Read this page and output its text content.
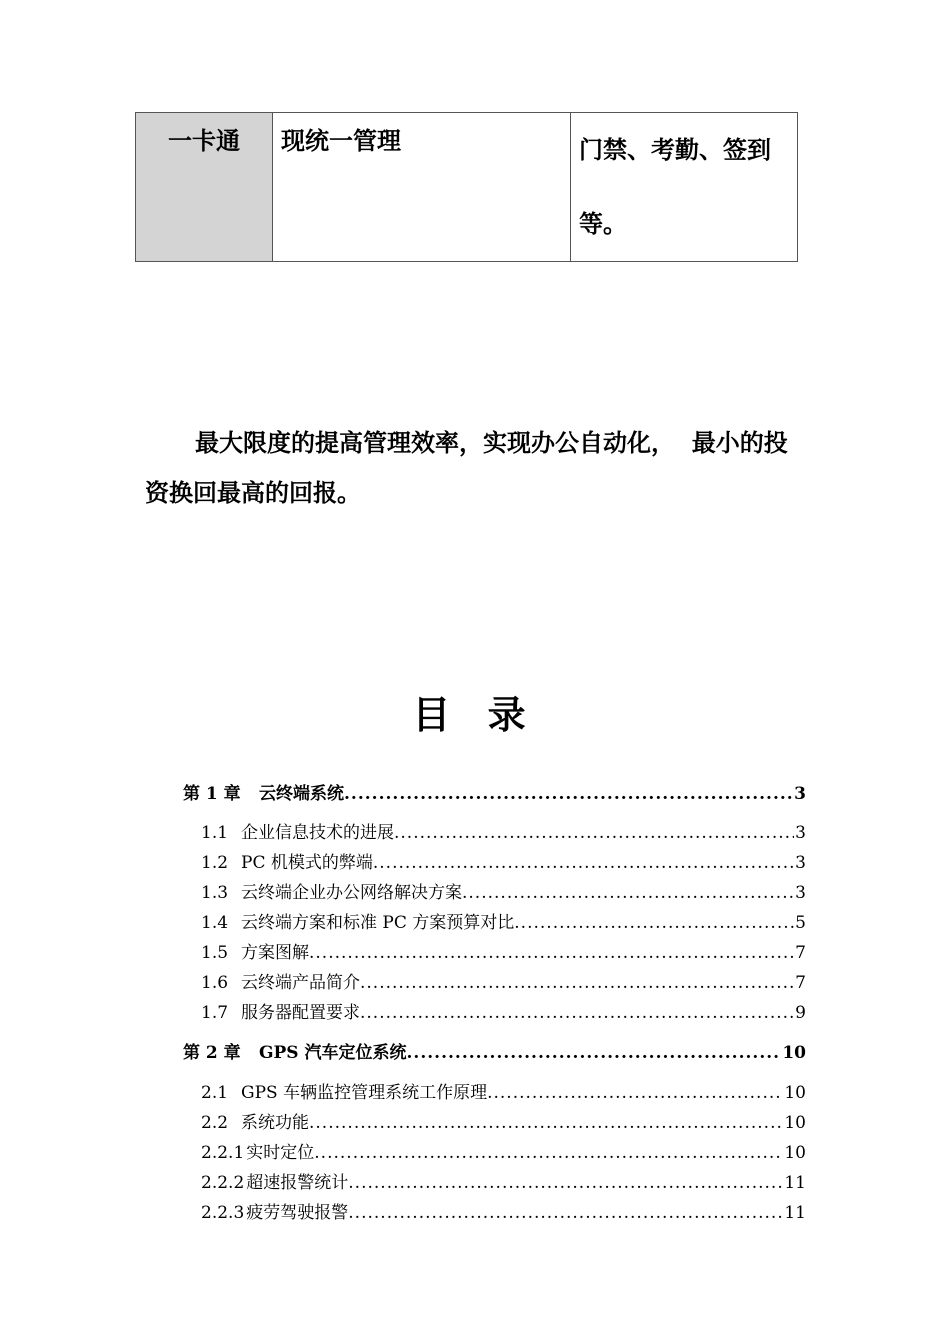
一卡通	现统一管理	门禁、考勤、签到等。

最大限度的提高管理效率，实现办公自动化，  最小的投资换回最高的回报。

目 录
第 1 章	云终端系统 .....	3
1.1 企业信息技术的进展 .....	3
1.2 PC 机模式的弊端 .....	3
1.3 云终端企业办公网络解决方案 .....	3
1.4 云终端方案和标准 PC 方案预算对比 .....	5
1.5 方案图解 .....	7
1.6 云终端产品简介 .....	7
1.7 服务器配置要求 .....	9
第 2 章	GPS 汽车定位系统 .....	10
2.1 GPS 车辆监控管理系统工作原理 .....	10
2.2 系统功能 .....	10
2.2.1 实时定位 .....	10
2.2.2 超速报警统计 .....	11
2.2.3 疲劳驾驶报警 .....	11
